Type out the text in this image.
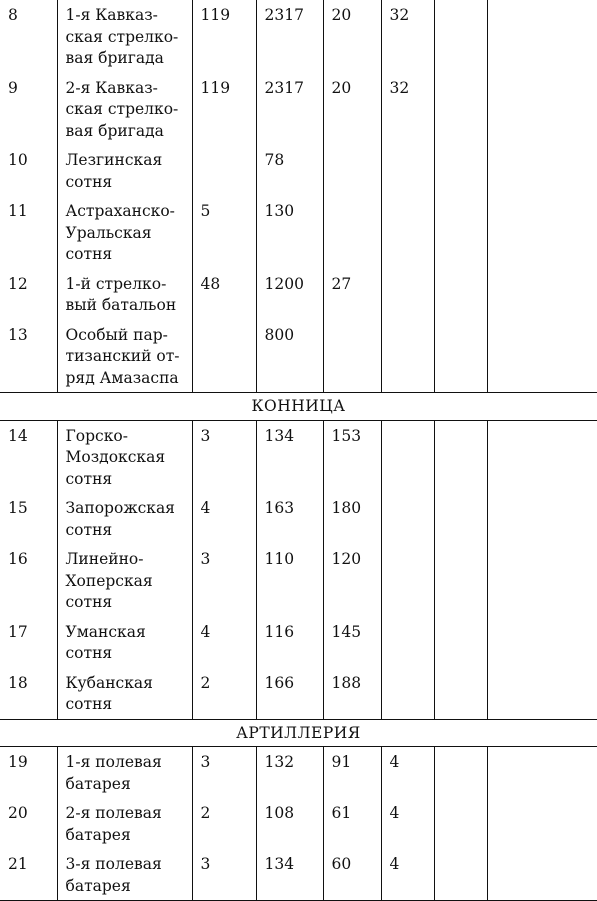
8	1-я Кавказ-
ская стрелко-
вая бригада	119	2317	20	32		
9	2-я Кавказ-
ская стрелко-
вая бригада	119	2317	20	32		
10	Лезгинская
сотня		78				
11	Астраханско-
Уральская
сотня	5	130				
12	1-й стрелко-
вый батальон	48	1200	27			
13	Особый пар-
тизанский от-
ряд Амазаспа		800				
КОННИЦА							
14	Горско-
Моздокская
сотня	3	134	153			
15	Запорожская
сотня	4	163	180			
16	Линейно-
Хоперская
сотня	3	110	120			
17	Уманская
сотня	4	116	145			
18	Кубанская
сотня	2	166	188			
АРТИЛЛЕРИЯ							
19	1-я полевая
батарея	3	132	91	4		
20	2-я полевая
батарея	2	108	61	4		
21	3-я полевая
батарея	3	134	60	4		
